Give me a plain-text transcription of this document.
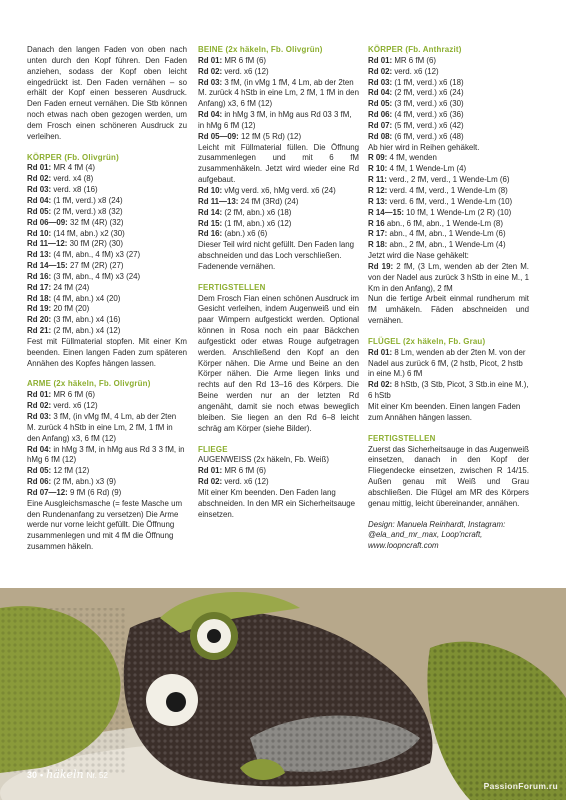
Danach den langen Faden von oben nach unten durch den Kopf führen. Den Faden anziehen, sodass der Kopf oben leicht eingedrückt ist. Den Faden vernähen – so erhält der Kopf einen besseren Ausdruck. Den Faden erneut vernähen. Die Stb können noch etwas nach oben gezogen werden, um dem Frosch einen schöneren Ausdruck zu verleihen.

KÖRPER (Fb. Olivgrün)

Rd 01: MR 4 fM (4)

Rd 02: verd. x4 (8)

Rd 03: verd. x8 (16)

Rd 04: (1 fM, verd.) x8 (24)

Rd 05: (2 fM, verd.) x8 (32)

Rd 06—09: 32 fM (4R) (32)

Rd 10: (14 fM, abn.) x2 (30)

Rd 11—12: 30 fM (2R) (30)

Rd 13: (4 fM, abn., 4 fM) x3 (27)

Rd 14—15: 27 fM (2R) (27)

Rd 16: (3 fM, abn., 4 fM) x3 (24)

Rd 17: 24 fM (24)

Rd 18: (4 fM, abn.) x4 (20)

Rd 19: 20 fM (20)

Rd 20: (3 fM, abn.) x4 (16)

Rd 21: (2 fM, abn.) x4 (12)

Fest mit Füllmaterial stopfen. Mit einer Km beenden. Einen langen Faden zum späteren Annähen des Kopfes hängen lassen.

ARME (2x häkeln, Fb. Olivgrün)

Rd 01: MR 6 fM (6)

Rd 02: verd. x6 (12)

Rd 03: 3 fM, (in vMg fM, 4 Lm, ab der 2ten M. zurück 4 hStb in eine Lm, 2 fM, 1 fM in den Anfang) x3, 6 fM (12)

Rd 04: in hMg 3 fM, in hMg aus Rd 3 3 fM, in hMg 6 fM (12)

Rd 05: 12 fM (12)

Rd 06: (2 fM, abn.) x3 (9)

Rd 07—12: 9 fM (6 Rd) (9)

Eine Ausgleichsmasche (= feste Masche um den Rundenanfang zu versetzen) Die Arme werde nur vorne leicht gefüllt. Die Öffnung zusammenlegen und mit 4 fM die Öffnung zusammen häkeln.

BEINE (2x häkeln, Fb. Olivgrün)

Rd 01: MR 6 fM (6)

Rd 02: verd. x6 (12)

Rd 03: 3 fM, (in vMg 1 fM, 4 Lm, ab der 2ten M. zurück 4 hStb in eine Lm, 2 fM, 1 fM in den Anfang) x3, 6 fM (12)

Rd 04: in hMg 3 fM, in hMg aus Rd 03 3 fM, in hMg 6 fM (12)

Rd 05—09: 12 fM (5 Rd) (12)

Leicht mit Füllmaterial füllen. Die Öffnung zusammenlegen und mit 6 fM zusammenhäkeln. Jetzt wird wieder eine Rd aufgebaut.

Rd 10: vMg verd. x6, hMg verd. x6 (24)

Rd 11—13: 24 fM (3Rd) (24)

Rd 14: (2 fM, abn.) x6 (18)

Rd 15: (1 fM, abn.) x6 (12)

Rd 16: (abn.) x6 (6)

Dieser Teil wird nicht gefüllt. Den Faden lang abschneiden und das Loch verschließen. Fadenende vernähen.

FERTIGSTELLEN

Dem Frosch Fian einen schönen Ausdruck im Gesicht verleihen, indem Augenweiß und ein paar Wimpern aufgestickt werden. Optional können in Rosa noch ein paar Bäckchen aufgestickt oder etwas Rouge aufgetragen werden. Anschließend den Kopf an den Körper nähen. Die Arme und Beine an den Körper nähen. Die Arme liegen links und rechts auf den Rd 13–16 des Körpers. Die Beine werden nur an der letzten Rd angenäht, damit sie noch etwas beweglich bleiben. Sie liegen an den Rd 6–8 leicht schräg am Körper (siehe Bilder).

FLIEGE

AUGENWEISS (2x häkeln, Fb. Weiß)

Rd 01: MR 6 fM (6)

Rd 02: verd. x6 (12)

Mit einer Km beenden. Den Faden lang abschneiden. In den MR ein Sicherheitsauge einsetzen.

KÖRPER (Fb. Anthrazit)

Rd 01: MR 6 fM (6)

Rd 02: verd. x6 (12)

Rd 03: (1 fM, verd.) x6 (18)

Rd 04: (2 fM, verd.) x6 (24)

Rd 05: (3 fM, verd.) x6 (30)

Rd 06: (4 fM, verd.) x6 (36)

Rd 07: (5 fM, verd.) x6 (42)

Rd 08: (6 fM, verd.) x6 (48)

Ab hier wird in Reihen gehäkelt.

R 09: 4 fM, wenden

R 10: 4 fM, 1 Wende-Lm (4)

R 11: verd., 2 fM, verd., 1 Wende-Lm (6)

R 12: verd. 4 fM, verd., 1 Wende-Lm (8)

R 13: verd. 6 fM, verd., 1 Wende-Lm (10)

R 14—15: 10 fM, 1 Wende-Lm (2 R) (10)

R 16 abn., 6 fM, abn., 1 Wende-Lm (8)

R 17: abn., 4 fM, abn., 1 Wende-Lm (6)

R 18: abn., 2 fM, abn., 1 Wende-Lm (4)

Jetzt wird die Nase gehäkelt:

Rd 19: 2 fM, (3 Lm, wenden ab der 2ten M. von der Nadel aus zurück 3 hStb in eine M., 1 Km in den Anfang), 2 fM

Nun die fertige Arbeit einmal rundherum mit fM umhäkeln. Fäden abschneiden und vernähen.

FLÜGEL (2x häkeln, Fb. Grau)

Rd 01: 8 Lm, wenden ab der 2ten M. von der Nadel aus zurück 6 fM, (2 hstb, Picot, 2 hstb in eine M.) 6 fM

Rd 02: 8 hStb, (3 Stb, Picot, 3 Stb.in eine M.), 6 hStb

Mit einer Km beenden. Einen langen Faden zum Annähen hängen lassen.

FERTIGSTELLEN

Zuerst das Sicherheitsauge in das Augenweiß einsetzen, danach in den Kopf der Fliegendecke einsetzen, zwischen R 14/15. Außen genau mit Weiß und Grau abschließen. Die Flügel am MR des Körpers genau mittig, leicht übereinander, annähen.

Design: Manuela Reinhardt, Instagram: @ela_and_mr_max, Loop'ncraft, www.loopncraft.com

30 • häkeln Nr. 52
PassionForum.ru
